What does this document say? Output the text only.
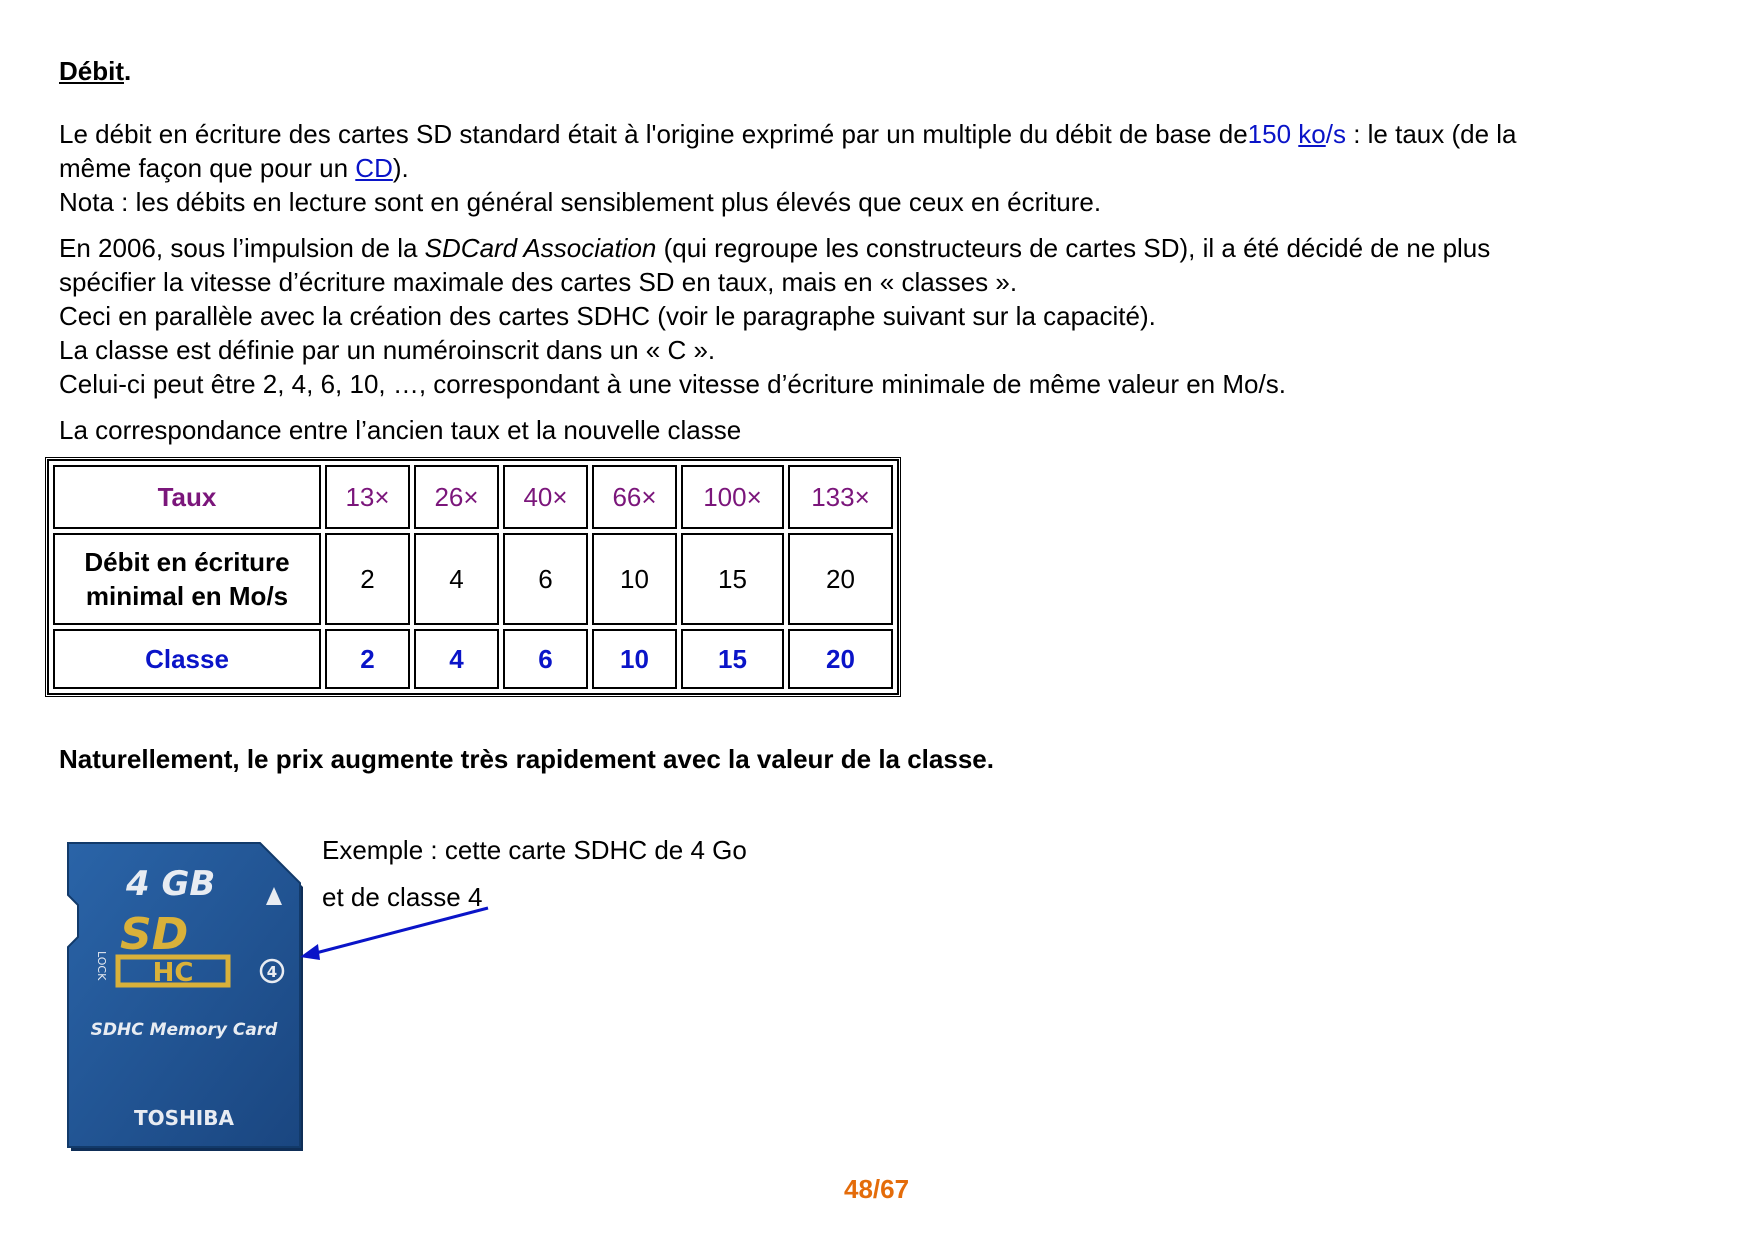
Débit.
Le débit en écriture des cartes SD standard était à l'origine exprimé par un multiple du débit de base de150 ko/s : le taux (de la
même façon que pour un CD).
Nota : les débits en lecture sont en général sensiblement plus élevés que ceux en écriture.
En 2006, sous l’impulsion de la SDCard Association (qui regroupe les constructeurs de cartes SD), il a été décidé de ne plus
spécifier la vitesse d’écriture maximale des cartes SD en taux, mais en « classes ».
Ceci en parallèle avec la création des cartes SDHC (voir le paragraphe suivant sur la capacité).
La classe est définie par un numéroinscrit dans un « C ».
Celui-ci peut être 2, 4, 6, 10, …, correspondant à une vitesse d’écriture minimale de même valeur en Mo/s.
La correspondance entre l’ancien taux et la nouvelle classe
Taux	13×	26×	40×	66×	100×	133×
Débit en écriture
minimal en Mo/s	2	4	6	10	15	20
Classe	2	4	6	10	15	20
Naturellement, le prix augmente très rapidement avec la valeur de la classe.
4 GB
SD
HC	4
LOCK
SDHC Memory Card
TOSHIBA
Exemple : cette carte SDHC de 4 Go
et de classe 4
48/67
